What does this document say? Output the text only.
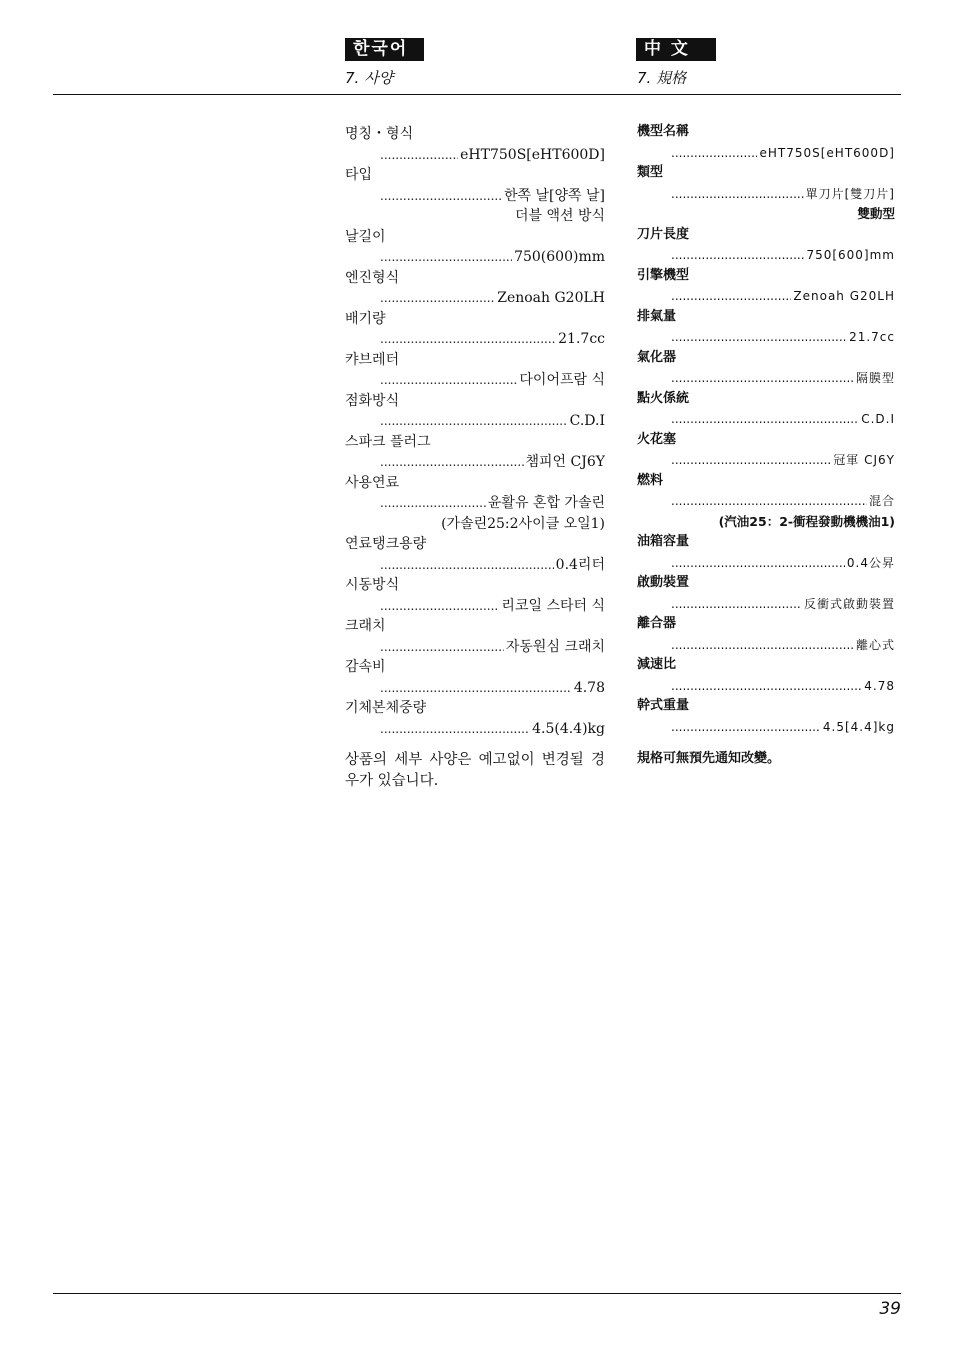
한국어
7. 사양
中 文
7. 規格
명칭・형식
.....
eHT750S[eHT600D]
타입
.....
한쪽 날[양쪽 날]
더블 액션 방식
날길이
.....
750(600)mm
엔진형식
.....
Zenoah G20LH
배기량
.....
21.7cc
캬브레터
.....
다이어프람 식
점화방식
.....
C.D.I
스파크 플러그
.....
챔피언 CJ6Y
사용연료
.....
윤활유 혼합 가솔린
(가솔린25:2사이클 오일1)
연료탱크용량
.....
0.4리터
시동방식
.....
리코일 스타터 식
크래치
.....
자동원심 크래치
감속비
.....
4.78
기체본체중량
.....
4.5(4.4)kg
상품의 세부 사양은 예고없이 변경될 경우가 있습니다.
機型名稱
.....
eHT750S[eHT600D]
類型
.....
單刀片[雙刀片]
雙動型
刀片長度
.....
750[600]mm
引擎機型
.....
Zenoah G20LH
排氣量
.....
21.7cc
氣化器
.....
隔膜型
點火係統
.....
C.D.I
火花塞
.....
冠軍 CJ6Y
燃料
.....
混合
(汽油25：2-衝程發動機機油1)
油箱容量
.....
0.4公昇
啟動裝置
.....
反衝式啟動裝置
離合器
.....
離心式
減速比
.....
4.78
幹式重量
.....
4.5[4.4]kg
規格可無預先通知改變。
39
